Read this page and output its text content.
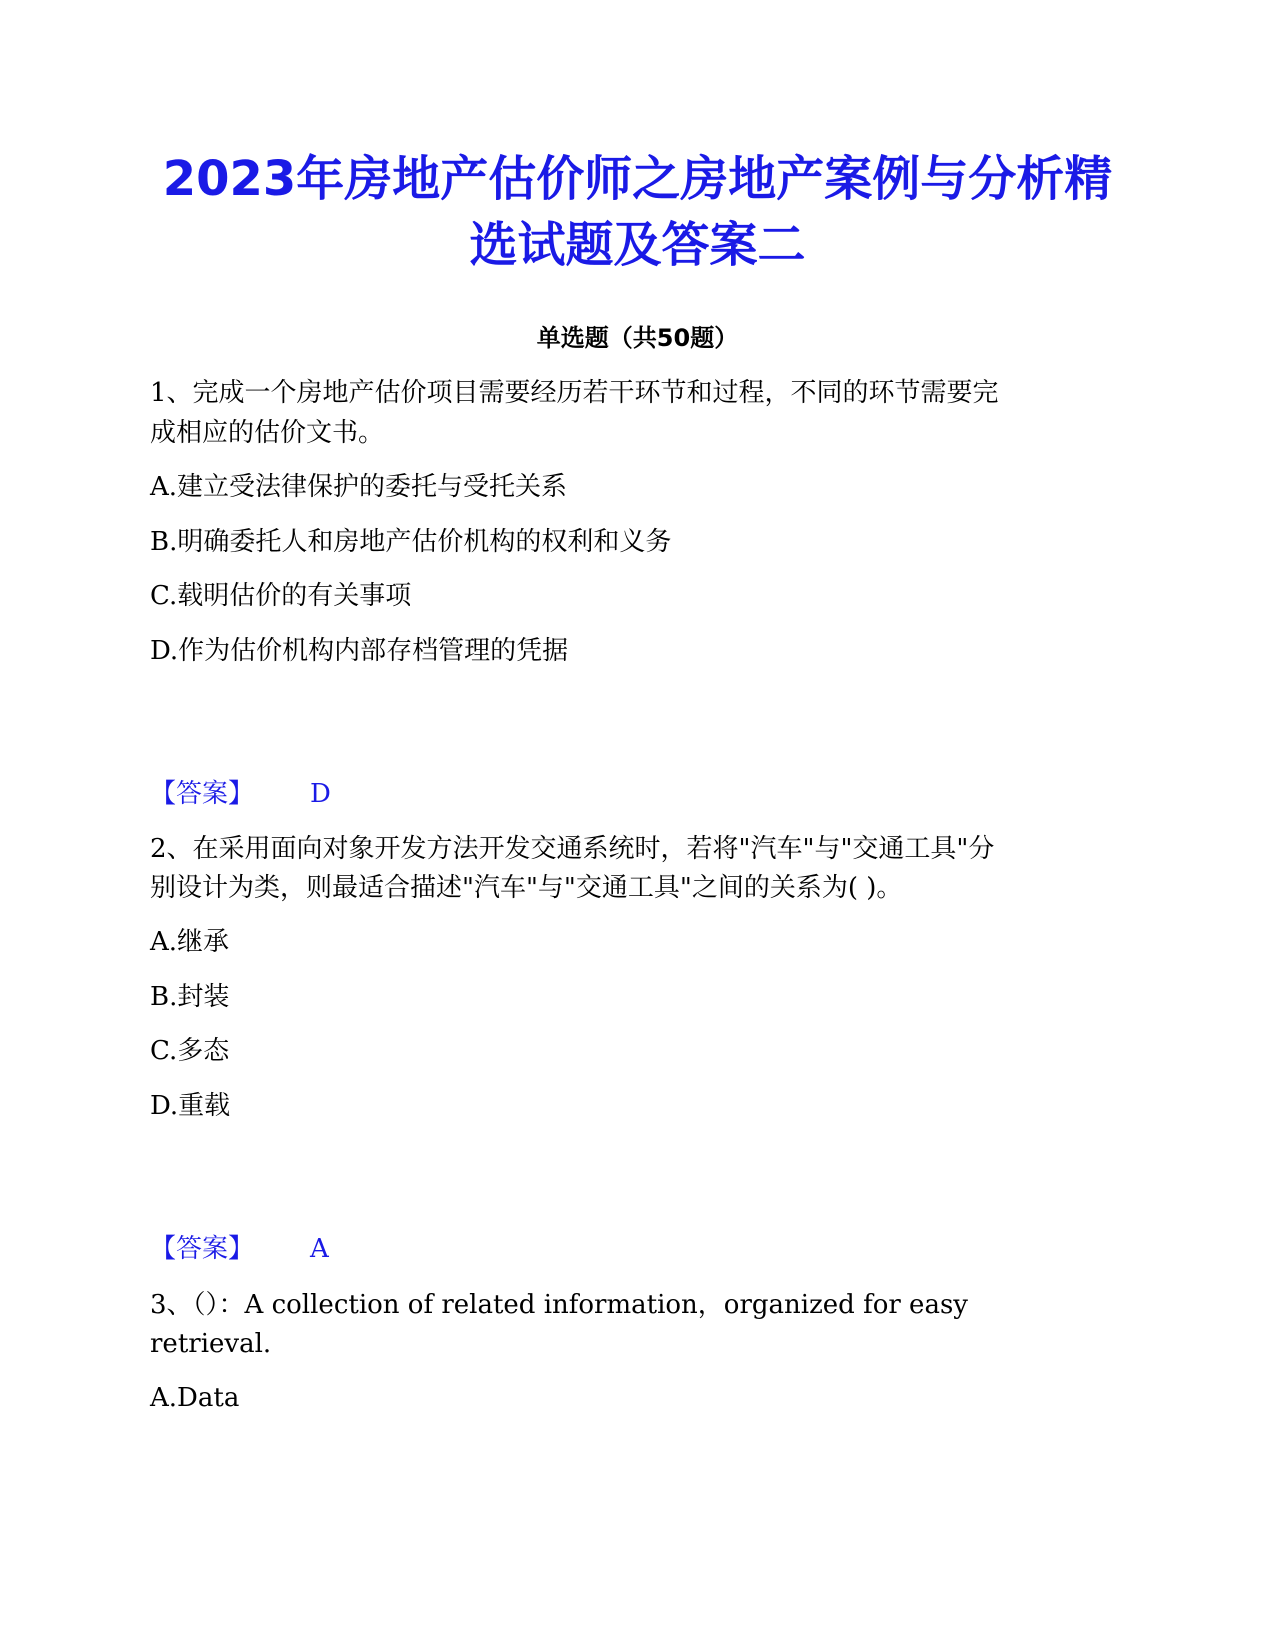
2023年房地产估价师之房地产案例与分析精
选试题及答案二
单选题（共50题）

1、完成一个房地产估价项目需要经历若干环节和过程，不同的环节需要完

成相应的估价文书。

A.建立受法律保护的委托与受托关系

B.明确委托人和房地产估价机构的权利和义务

C.载明估价的有关事项

D.作为估价机构内部存档管理的凭据

【答案】 D

2、在采用面向对象开发方法开发交通系统时，若将"汽车"与"交通工具"分

别设计为类，则最适合描述"汽车"与"交通工具"之间的关系为( )。

A.继承

B.封装

C.多态

D.重载

【答案】 A

3、（）：A collection of related information，organized for easy

retrieval.

A.Data
